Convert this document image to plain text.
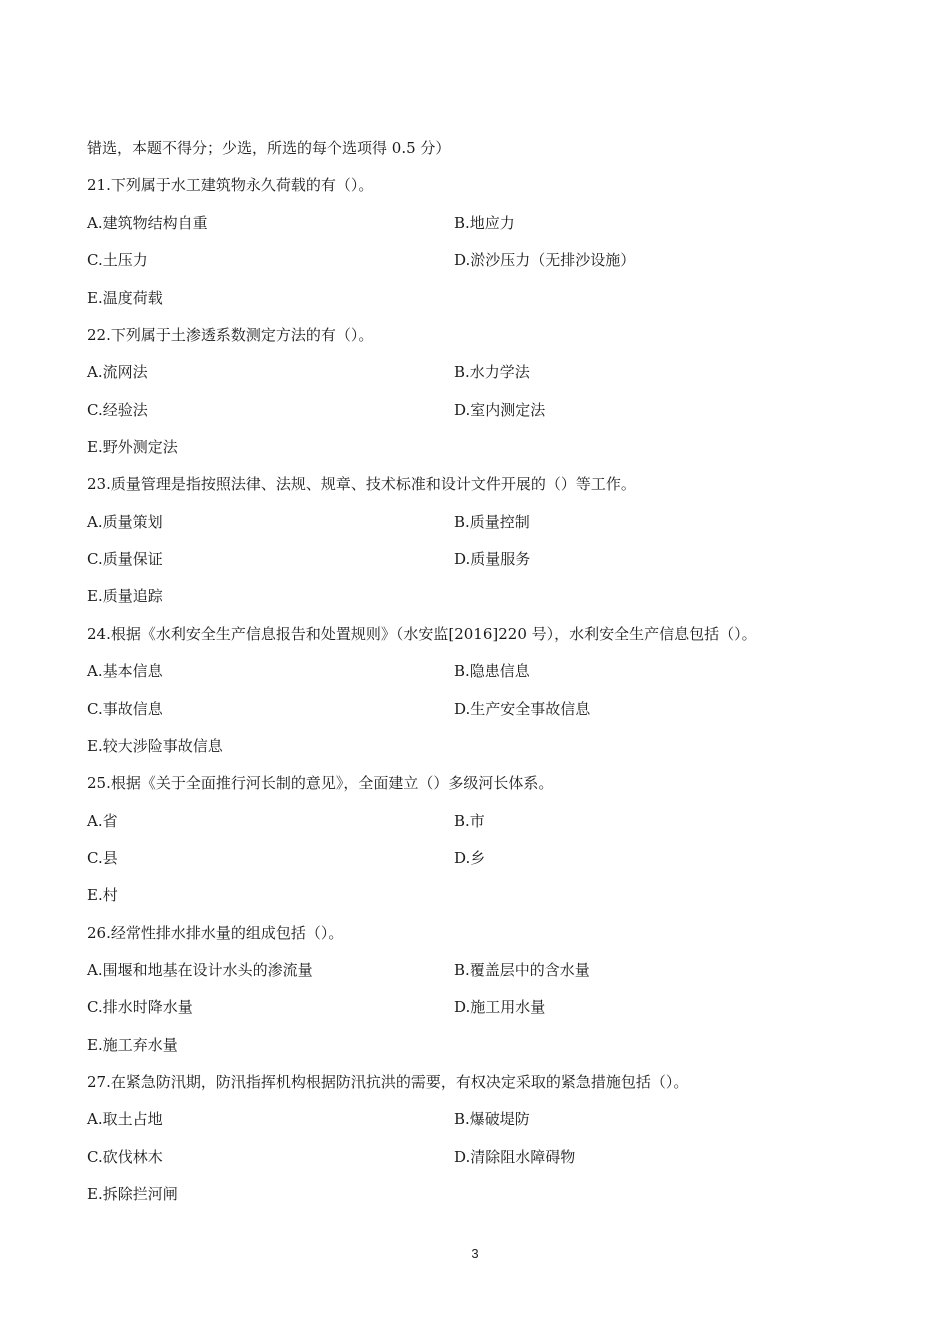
错选，本题不得分；少选，所选的每个选项得 0.5 分）
21.下列属于水工建筑物永久荷载的有（）。
A.建筑物结构自重	B.地应力
C.土压力	D.淤沙压力（无排沙设施）
E.温度荷载
22.下列属于土渗透系数测定方法的有（）。
A.流网法	B.水力学法
C.经验法	D.室内测定法
E.野外测定法
23.质量管理是指按照法律、法规、规章、技术标准和设计文件开展的（）等工作。
A.质量策划	B.质量控制
C.质量保证	D.质量服务
E.质量追踪
24.根据《水利安全生产信息报告和处置规则》（水安监[2016]220 号），水利安全生产信息包括（）。
A.基本信息	B.隐患信息
C.事故信息	D.生产安全事故信息
E.较大涉险事故信息
25.根据《关于全面推行河长制的意见》，全面建立（）多级河长体系。
A.省	B.市
C.县	D.乡
E.村
26.经常性排水排水量的组成包括（）。
A.围堰和地基在设计水头的渗流量	B.覆盖层中的含水量
C.排水时降水量	D.施工用水量
E.施工弃水量
27.在紧急防汛期，防汛指挥机构根据防汛抗洪的需要，有权决定采取的紧急措施包括（）。
A.取土占地	B.爆破堤防
C.砍伐林木	D.清除阻水障碍物
E.拆除拦河闸
3
